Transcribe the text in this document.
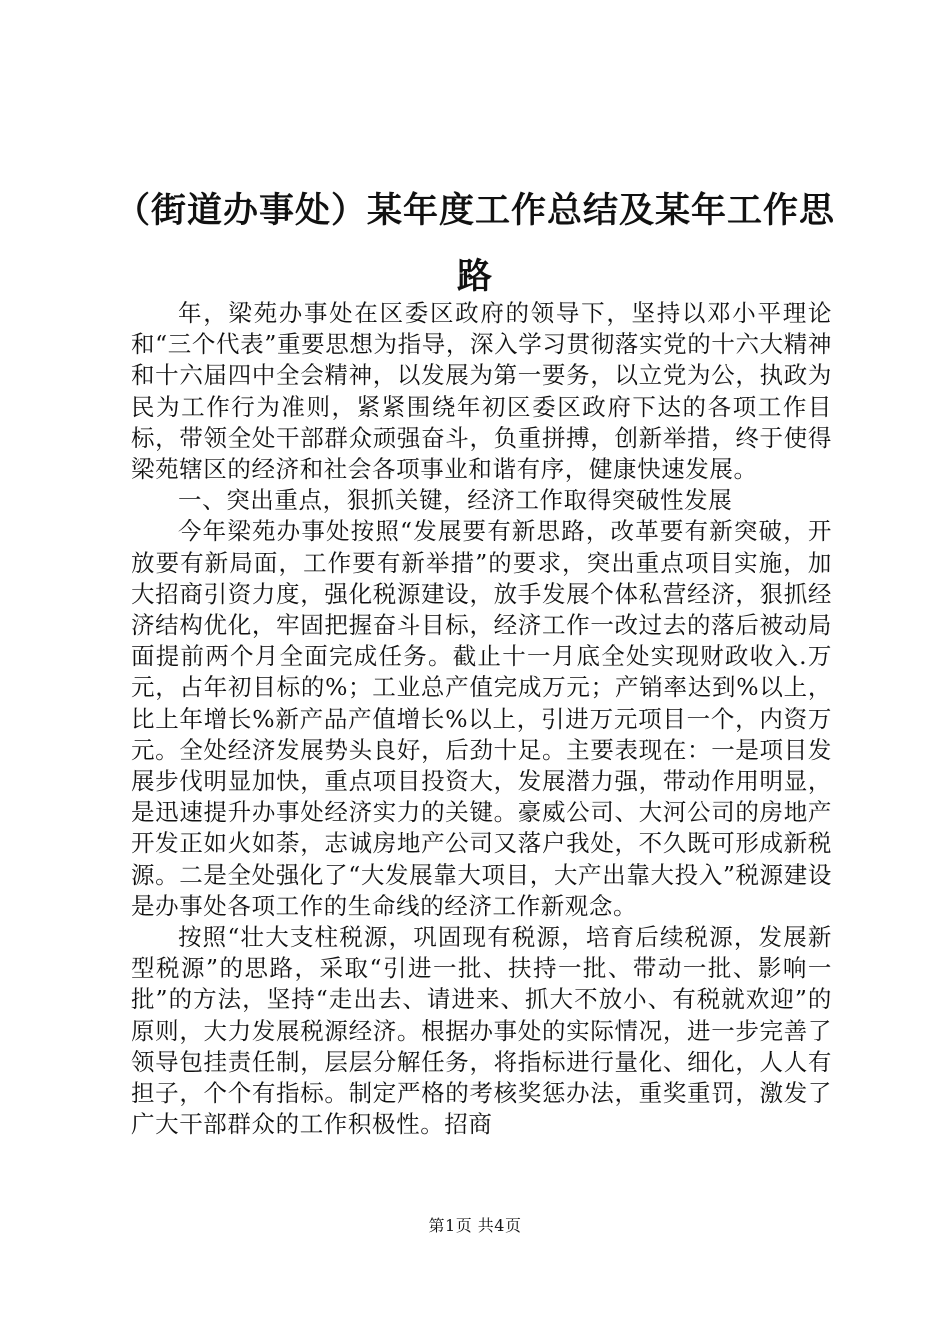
（街道办事处）某年度工作总结及某年工作思路

年，梁苑办事处在区委区政府的领导下，坚持以邓小平理论和“三个代表”重要思想为指导，深入学习贯彻落实党的十六大精神和十六届四中全会精神，以发展为第一要务，以立党为公，执政为民为工作行为准则，紧紧围绕年初区委区政府下达的各项工作目标，带领全处干部群众顽强奋斗，负重拼搏，创新举措，终于使得梁苑辖区的经济和社会各项事业和谐有序，健康快速发展。

一、突出重点，狠抓关键，经济工作取得突破性发展

今年梁苑办事处按照“发展要有新思路，改革要有新突破，开放要有新局面，工作要有新举措”的要求，突出重点项目实施，加大招商引资力度，强化税源建设，放手发展个体私营经济，狠抓经济结构优化，牢固把握奋斗目标，经济工作一改过去的落后被动局面提前两个月全面完成任务。截止十一月底全处实现财政收入.万元，占年初目标的%；工业总产值完成万元；产销率达到%以上，比上年增长%新产品产值增长%以上，引进万元项目一个，内资万元。全处经济发展势头良好，后劲十足。主要表现在：一是项目发展步伐明显加快，重点项目投资大，发展潜力强，带动作用明显，是迅速提升办事处经济实力的关键。豪威公司、大河公司的房地产开发正如火如荼，志诚房地产公司又落户我处，不久既可形成新税源。二是全处强化了“大发展靠大项目，大产出靠大投入”税源建设是办事处各项工作的生命线的经济工作新观念。

按照“壮大支柱税源，巩固现有税源，培育后续税源，发展新型税源”的思路，采取“引进一批、扶持一批、带动一批、影响一批”的方法，坚持“走出去、请进来、抓大不放小、有税就欢迎”的原则，大力发展税源经济。根据办事处的实际情况，进一步完善了领导包挂责任制，层层分解任务，将指标进行量化、细化，人人有担子，个个有指标。制定严格的考核奖惩办法，重奖重罚，激发了广大干部群众的工作积极性。招商

第1页 共4页
